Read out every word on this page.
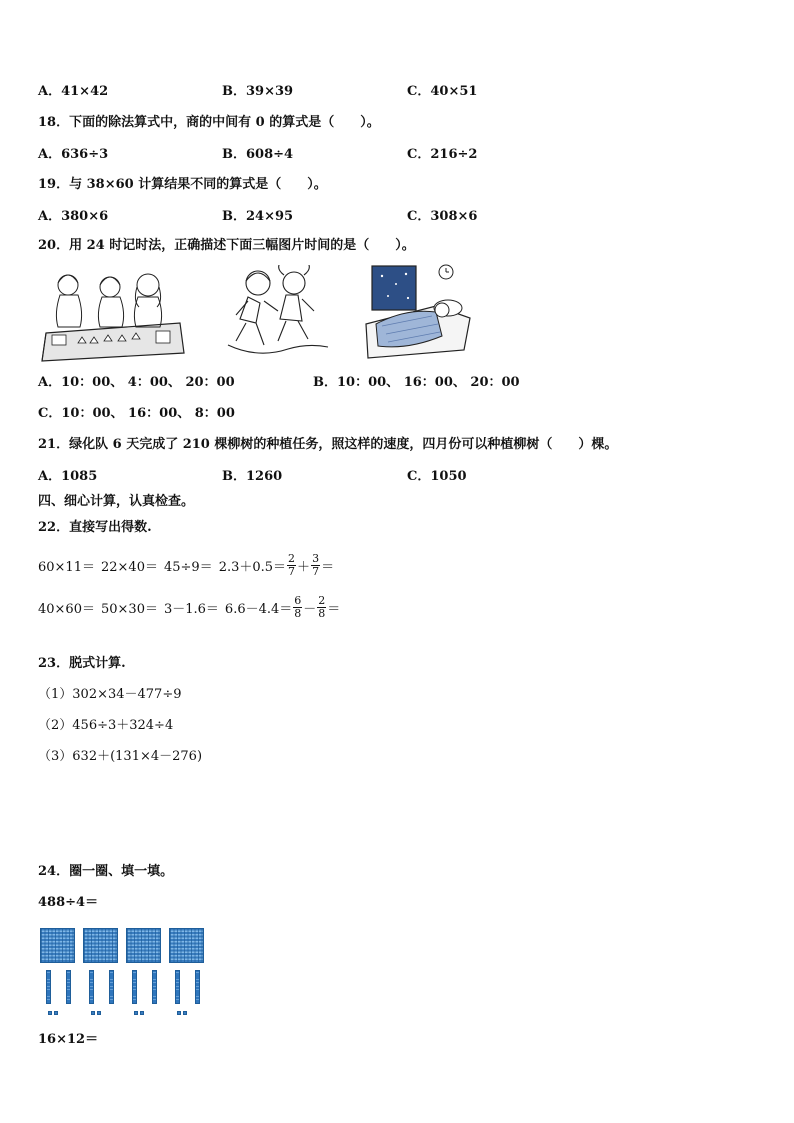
A．41×42	B．39×39	C．40×51
18．下面的除法算式中，商的中间有 0 的算式是（　　）。
A．636÷3	B．608÷4	C．216÷2
19．与 38×60 计算结果不同的算式是（　　）。
A．380×6	B．24×95	C．308×6
20．用 24 时记时法，正确描述下面三幅图片时间的是（　　）。
A．10：00、 4：00、 20：00	B．10：00、 16：00、 20：00
C．10：00、 16：00、 8：00
21．绿化队 6 天完成了 210 棵柳树的种植任务，照这样的速度，四月份可以种植柳树（　　）棵。
A．1085	B．1260	C．1050
四、细心计算，认真检查。
22．直接写出得数.
$60\times 11= 22\times 40= 45\div 9= 2.3+0.5= \frac{2}{7} + \frac{3}{7}$ ＝
$40\times 60= 50\times 30= 3-1.6= 6.6-4.4= \frac{6}{8} - \frac{2}{8}$ ＝
23．脱式计算.
（1）302×34－477÷9
（2）456÷3＋324÷4
（3）632＋(131×4－276)
24．圈一圈、填一填。
488÷4＝
16×12＝
